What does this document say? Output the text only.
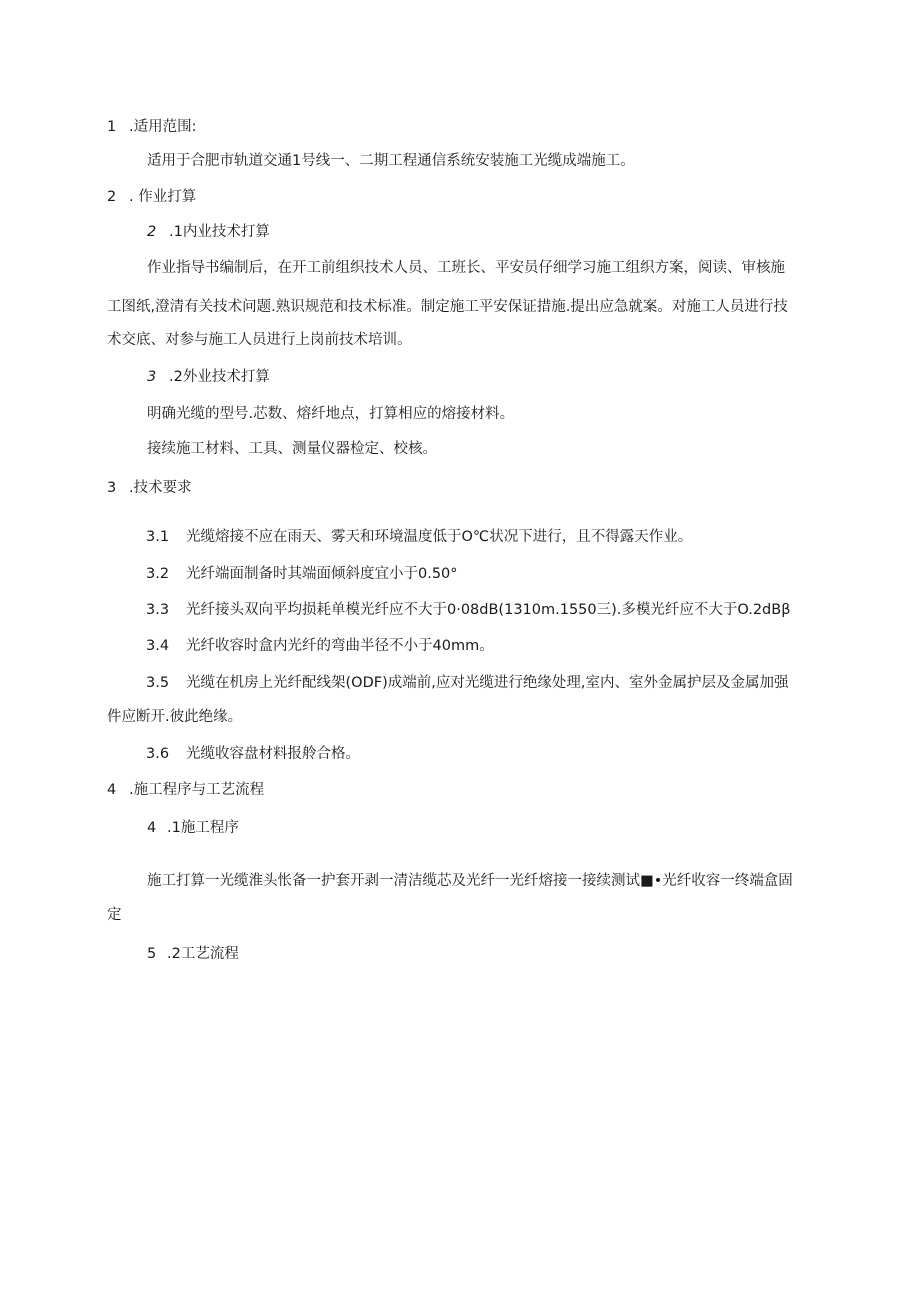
1 .适用范围:
适用于合肥市轨道交通1号线一、二期工程通信系统安装施工光缆成端施工。
2 . 作业打算
2 .1内业技术打算
作业指导书编制后，在开工前组织技术人员、工班长、平安员仔细学习施工组织方案，阅读、审核施
工图纸,澄清有关技术问题.熟识规范和技术标准。制定施工平安保证措施.提出应急就案。对施工人员进行技
术交底、对参与施工人员进行上岗前技术培训。
3 .2外业技术打算
明确光缆的型号.芯数、熔纤地点，打算相应的熔接材料。
接续施工材料、工具、测量仪器检定、校核。
3 .技术要求
3.1 光缆熔接不应在雨天、雾天和环境温度低于O℃状况下进行，且不得露天作业。
3.2 光纤端面制备时其端面倾斜度宜小于0.50°
3.3 光纤接头双向平均损耗单模光纤应不大于0·08dB(1310m.1550三).多模光纤应不大于O.2dBβ
3.4 光纤收容时盒内光纤的弯曲半径不小于40mm。
3.5 光缆在机房上光纤配线架(ODF)成端前,应对光缆进行绝缘处理,室内、室外金属护层及金属加强
件应断开.彼此绝缘。
3.6 光缆收容盘材料报舲合格。
4 .施工程序与工艺流程
4 .1施工程序
施工打算一光缆淮头怅备一护套开剥一清洁缆芯及光纤一光纤熔接一接续测试■•光纤收容一终端盒固
定
5 .2工艺流程
